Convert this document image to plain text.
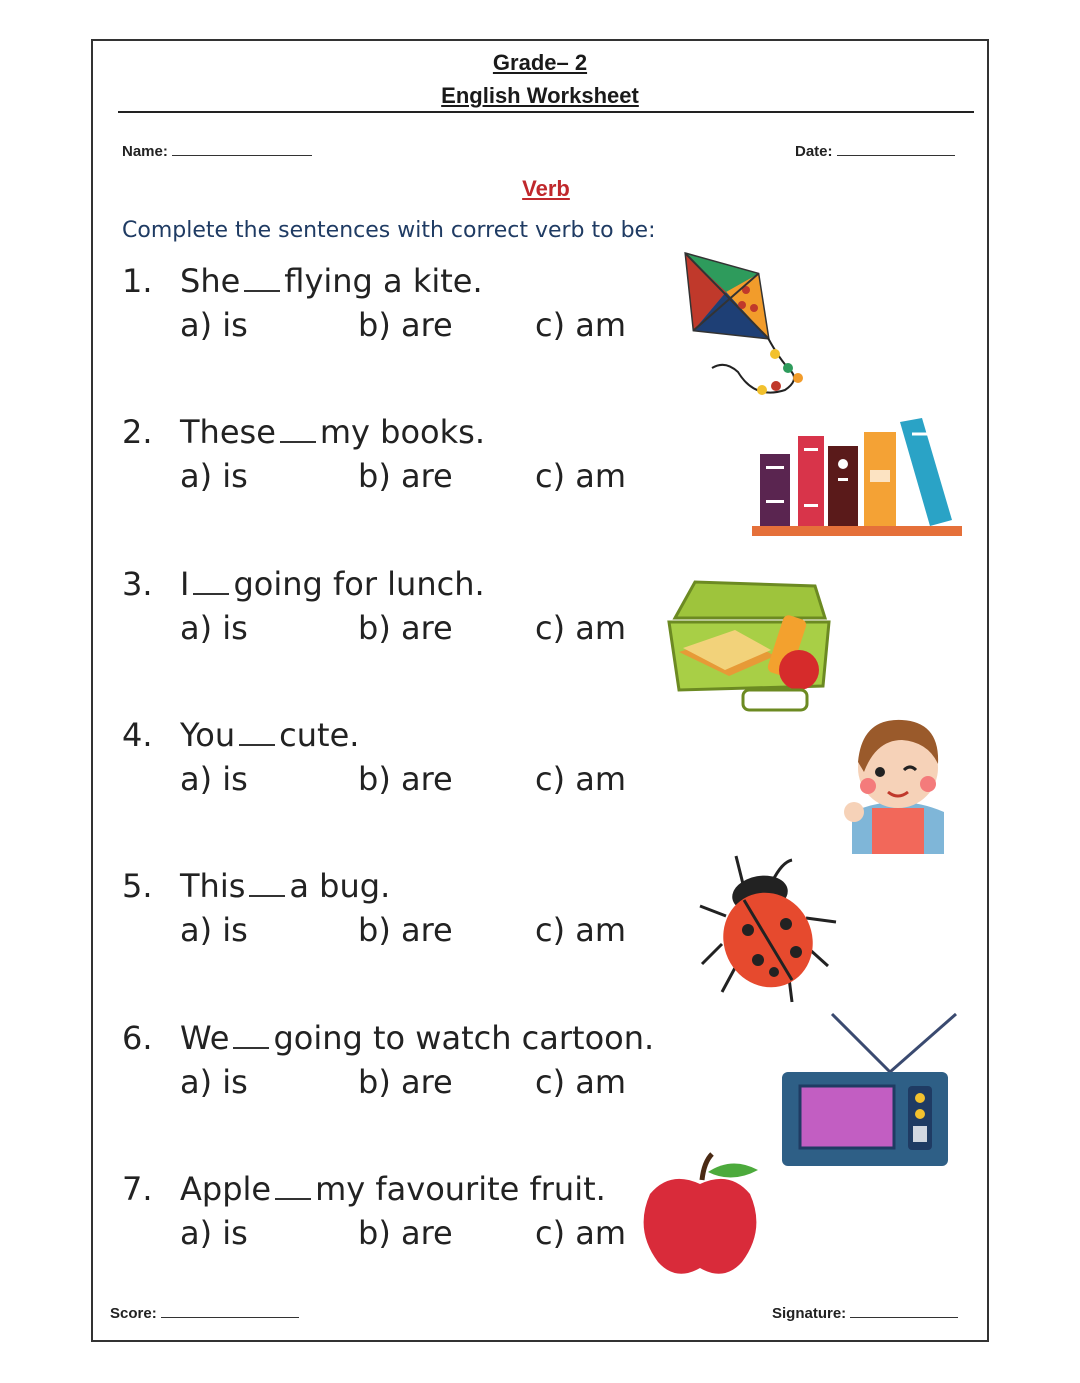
Grade– 2
English Worksheet
Name:	Date:
Verb
Complete the sentences with correct verb to be:
1. She flying a kite.
a) is	b) are	c) am
2. These my books.
a) is	b) are	c) am
3. I going for lunch.
a) is	b) are	c) am
4. You cute.
a) is	b) are	c) am
5. This a bug.
a) is	b) are	c) am
6. We going to watch cartoon.
a) is	b) are	c) am
7. Apple my favourite fruit.
a) is	b) are	c) am
Score:	Signature:
